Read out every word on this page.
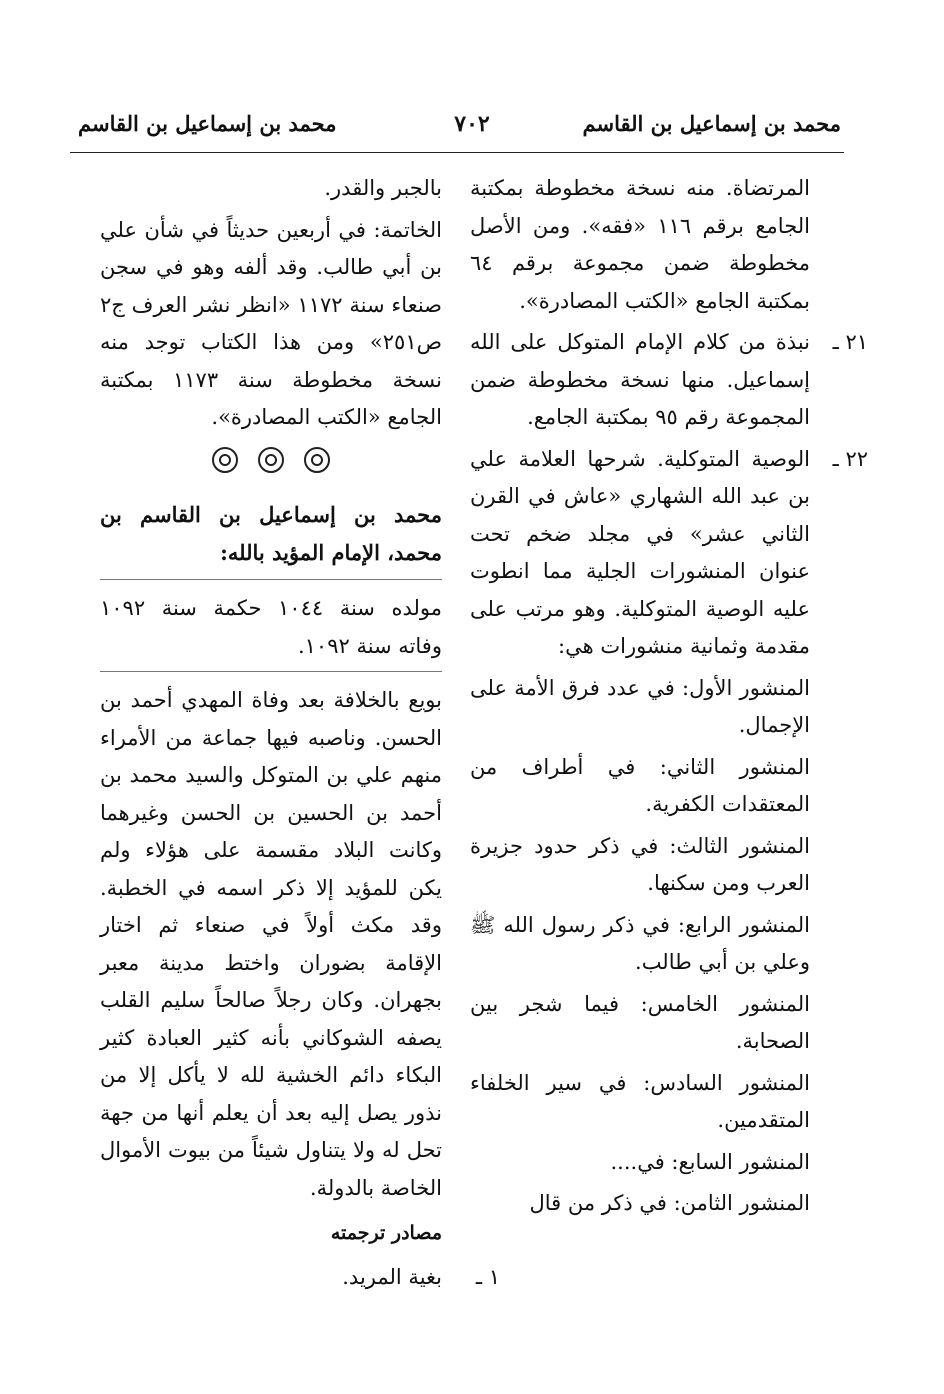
محمد بن إسماعيل بن القاسم
٧٠٢
محمد بن إسماعيل بن القاسم

المرتضاة. منه نسخة مخطوطة بمكتبة الجامع برقم ١١٦ «فقه». ومن الأصل مخطوطة ضمن مجموعة برقم ٦٤ بمكتبة الجامع «الكتب المصادرة».

٢١ ـ
نبذة من كلام الإمام المتوكل على الله إسماعيل. منها نسخة مخطوطة ضمن المجموعة رقم ٩٥ بمكتبة الجامع.
٢٢ ـ
الوصية المتوكلية. شرحها العلامة علي بن عبد الله الشهاري «عاش في القرن الثاني عشر» في مجلد ضخم تحت عنوان المنشورات الجلية مما انطوت عليه الوصية المتوكلية. وهو مرتب على مقدمة وثمانية منشورات هي:

المنشور الأول: في عدد فرق الأمة على الإجمال.

المنشور الثاني: في أطراف من المعتقدات الكفرية.

المنشور الثالث: في ذكر حدود جزيرة العرب ومن سكنها.

المنشور الرابع: في ذكر رسول الله ﷺ وعلي بن أبي طالب.

المنشور الخامس: فيما شجر بين الصحابة.

المنشور السادس: في سير الخلفاء المتقدمين.

المنشور السابع: في....

المنشور الثامن: في ذكر من قال

بالجبر والقدر.

الخاتمة: في أربعين حديثاً في شأن علي بن أبي طالب. وقد ألفه وهو في سجن صنعاء سنة ١١٧٢ «انظر نشر العرف ج٢ ص٢٥١» ومن هذا الكتاب توجد منه نسخة مخطوطة سنة ١١٧٣ بمكتبة الجامع «الكتب المصادرة».

محمد بن إسماعيل بن القاسم بن محمد، الإمام المؤيد بالله:

مولده سنة ١٠٤٤ حكمة سنة ١٠٩٢ وفاته سنة ١٠٩٢.

بويع بالخلافة بعد وفاة المهدي أحمد بن الحسن. وناصبه فيها جماعة من الأمراء منهم علي بن المتوكل والسيد محمد بن أحمد بن الحسين بن الحسن وغيرهما وكانت البلاد مقسمة على هؤلاء ولم يكن للمؤيد إلا ذكر اسمه في الخطبة. وقد مكث أولاً في صنعاء ثم اختار الإقامة بضوران واختط مدينة معبر بجهران. وكان رجلاً صالحاً سليم القلب يصفه الشوكاني بأنه كثير العبادة كثير البكاء دائم الخشية لله لا يأكل إلا من نذور يصل إليه بعد أن يعلم أنها من جهة تحل له ولا يتناول شيئاً من بيوت الأموال الخاصة بالدولة.

مصادر ترجمته
١ ـ
بغية المريد.
